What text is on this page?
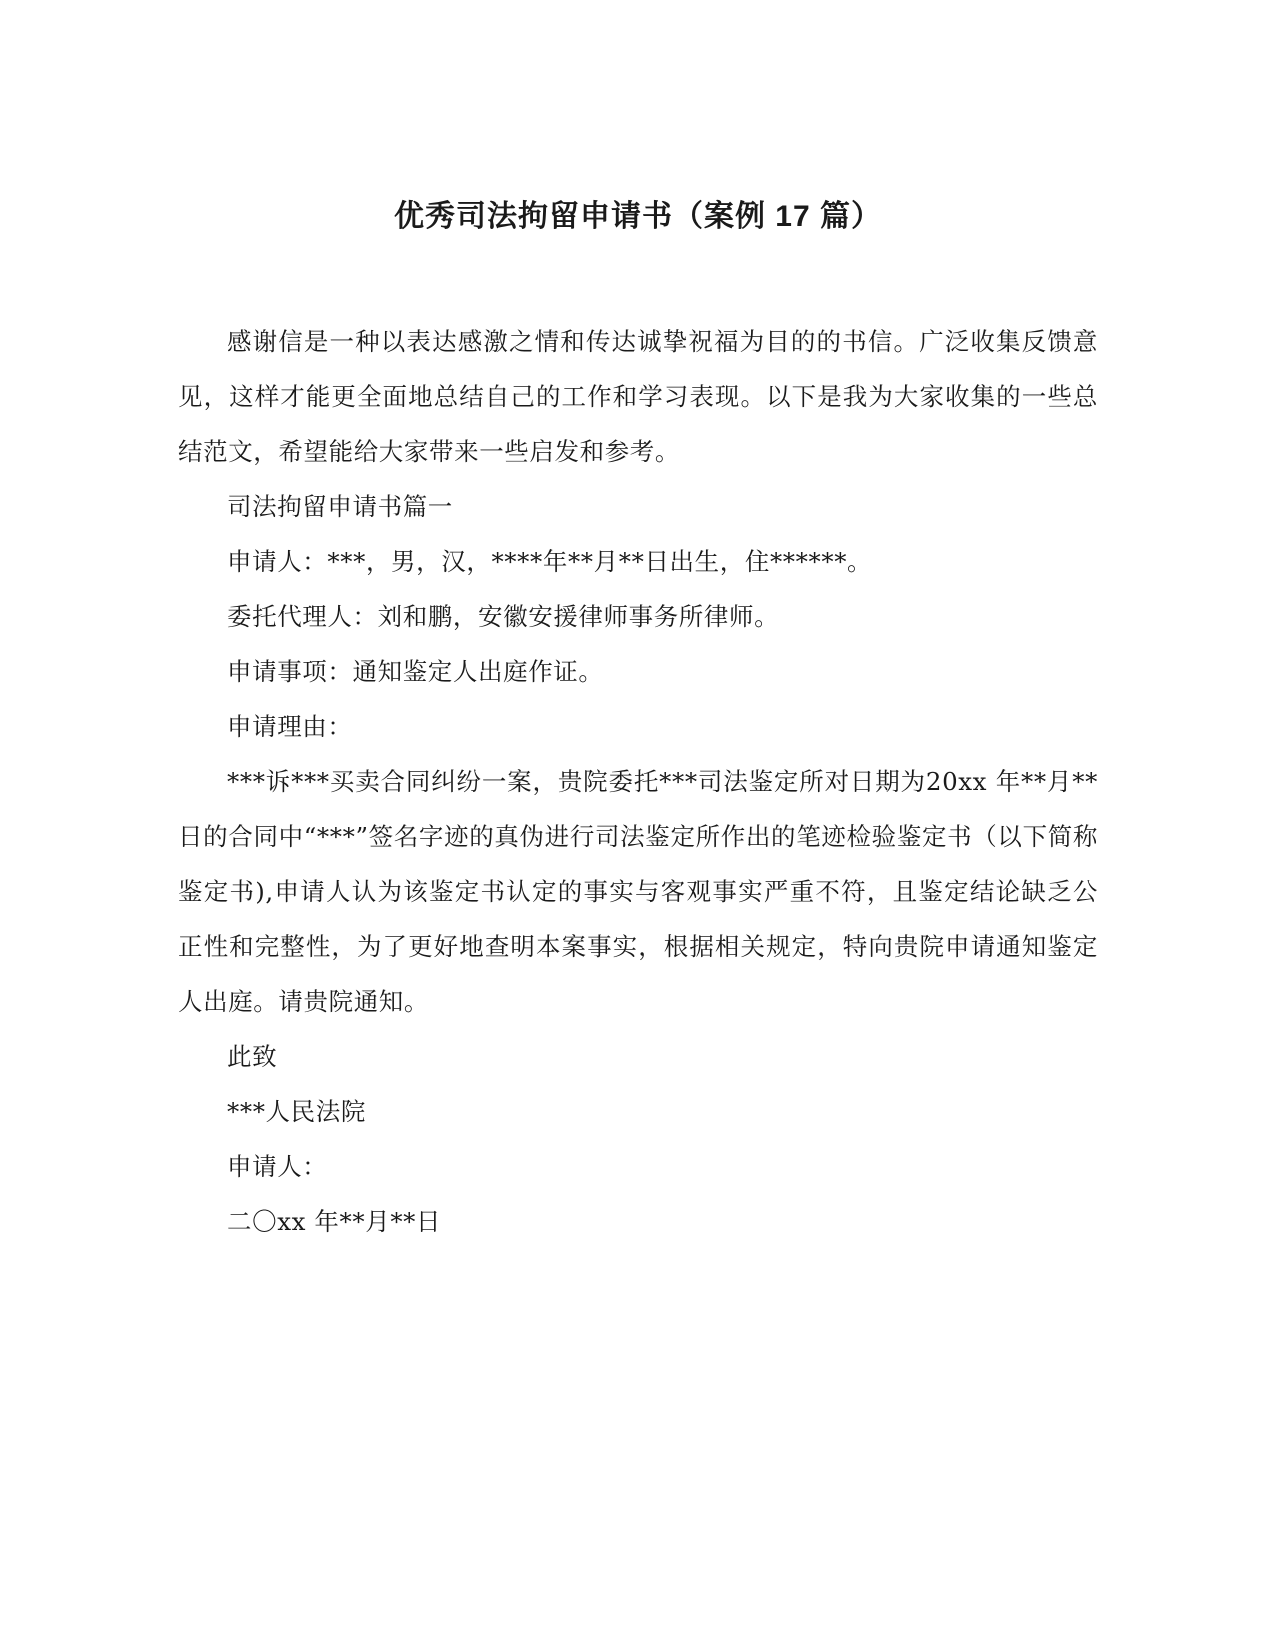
优秀司法拘留申请书（案例 17 篇）

感谢信是一种以表达感激之情和传达诚挚祝福为目的的书信。广泛收集反馈意见，这样才能更全面地总结自己的工作和学习表现。以下是我为大家收集的一些总结范文，希望能给大家带来一些启发和参考。

司法拘留申请书篇一

申请人：***，男，汉，****年**月**日出生，住******。

委托代理人：刘和鹏，安徽安援律师事务所律师。

申请事项：通知鉴定人出庭作证。

申请理由：

***诉***买卖合同纠纷一案，贵院委托***司法鉴定所对日期为20xx 年**月**日的合同中“***”签名字迹的真伪进行司法鉴定所作出的笔迹检验鉴定书（以下简称鉴定书),申请人认为该鉴定书认定的事实与客观事实严重不符，且鉴定结论缺乏公正性和完整性，为了更好地查明本案事实，根据相关规定，特向贵院申请通知鉴定人出庭。请贵院通知。

此致

***人民法院

申请人：

二〇xx 年**月**日
